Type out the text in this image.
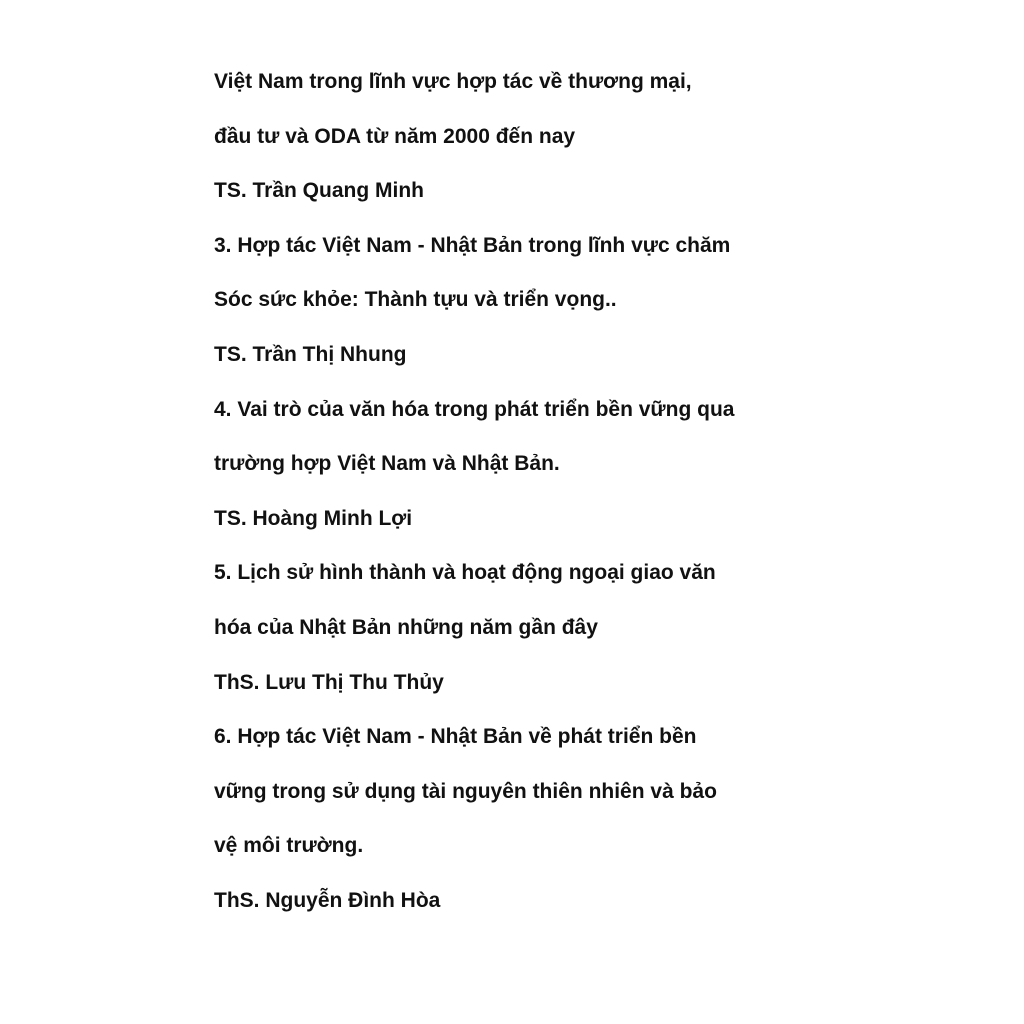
Việt Nam trong lĩnh vực hợp tác về thương mại,
đầu tư và ODA từ năm 2000 đến nay
TS. Trần Quang Minh
3. Hợp tác Việt Nam - Nhật Bản trong lĩnh vực chăm
Sóc sức khỏe: Thành tựu và triển vọng..
TS. Trần Thị Nhung
4. Vai trò của văn hóa trong phát triển bền vững qua
trường hợp Việt Nam và Nhật Bản.
TS. Hoàng Minh Lợi
5. Lịch sử hình thành và hoạt động ngoại giao văn
hóa của Nhật Bản những năm gần đây
ThS. Lưu Thị Thu Thủy
6. Hợp tác Việt Nam - Nhật Bản về phát triển bền
vững trong sử dụng tài nguyên thiên nhiên và bảo
vệ môi trường.
ThS. Nguyễn Đình Hòa
